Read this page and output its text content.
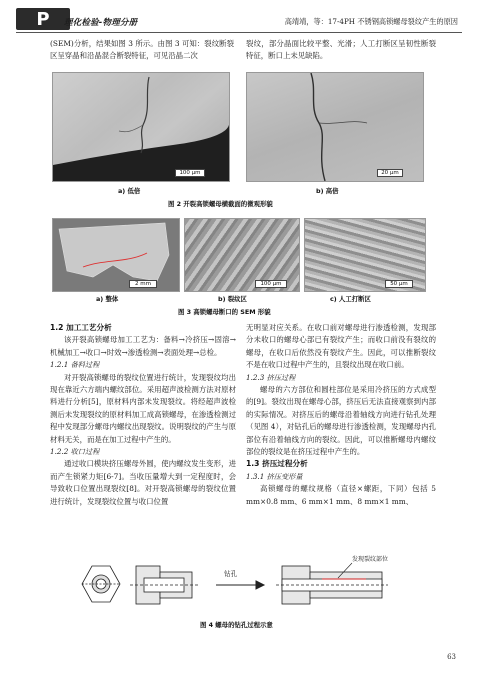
P 理化检验-物理分册	高靖靖，等：17-4PH 不锈钢高锁螺母裂纹产生的原因
(SEM)分析，结果如图 3 所示。由图 3 可知：裂纹断裂区呈穿晶和沿晶混合断裂特征，可见沿晶二次
裂纹，部分晶面比较平整、光滑；人工打断区呈韧性断裂特征，断口上未见缺陷。
100 μm
a) 低倍
20 μm
b) 高倍
图 2 开裂高锁螺母横截面的微观形貌
2 mm
a) 整体
100 μm
b) 裂纹区
50 μm
c) 人工打断区
图 3 高锁螺母断口的 SEM 形貌
1.2 加工工艺分析
该开裂高锁螺母加工工艺为：备料→冷挤压→固溶→机械加工→收口→时效→渗透检测→表面处理→总检。
1.2.1 备料过程
对开裂高锁螺母的裂纹位置进行统计，发现裂纹均出现在靠近六方端内螺纹部位。采用超声波检测方法对原材料进行分析[5]，原材料内部未发现裂纹。将经超声波检测后未发现裂纹的原材料加工成高锁螺母，在渗透检测过程中发现部分螺母内螺纹出现裂纹。说明裂纹的产生与原材料无关，而是在加工过程中产生的。
1.2.2 收口过程
通过收口模块挤压螺母外圆，使内螺纹发生变形，进而产生锁紧力矩[6-7]。当收压量增大到一定程度时，会导致收口位置出现裂纹[8]。对开裂高锁螺母的裂纹位置进行统计，发现裂纹位置与收口位置
无明显对应关系。在收口前对螺母进行渗透检测，发现部分未收口的螺母心部已有裂纹产生；而收口前没有裂纹的螺母，在收口后依然没有裂纹产生。因此，可以推断裂纹不是在收口过程中产生的，且裂纹出现在收口前。
1.2.3 挤压过程
螺母的六方部位和圆柱部位是采用冷挤压的方式成型的[9]。裂纹出现在螺母心部，挤压后无法直接观察到内部的实际情况。对挤压后的螺母沿着轴线方向进行钻孔处理（见图 4），对钻孔后的螺母进行渗透检测，发现螺母内孔部位有沿着轴线方向的裂纹。因此，可以推断螺母内螺纹部位的裂纹是在挤压过程中产生的。
1.3 挤压过程分析
1.3.1 挤压变形量
高锁螺母的螺纹规格（直径×螺距，下同）包括 5 mm×0.8 mm、6 mm×1 mm、8 mm×1 mm、
钻孔
发现裂纹部位
图 4 螺母的钻孔过程示意
63
